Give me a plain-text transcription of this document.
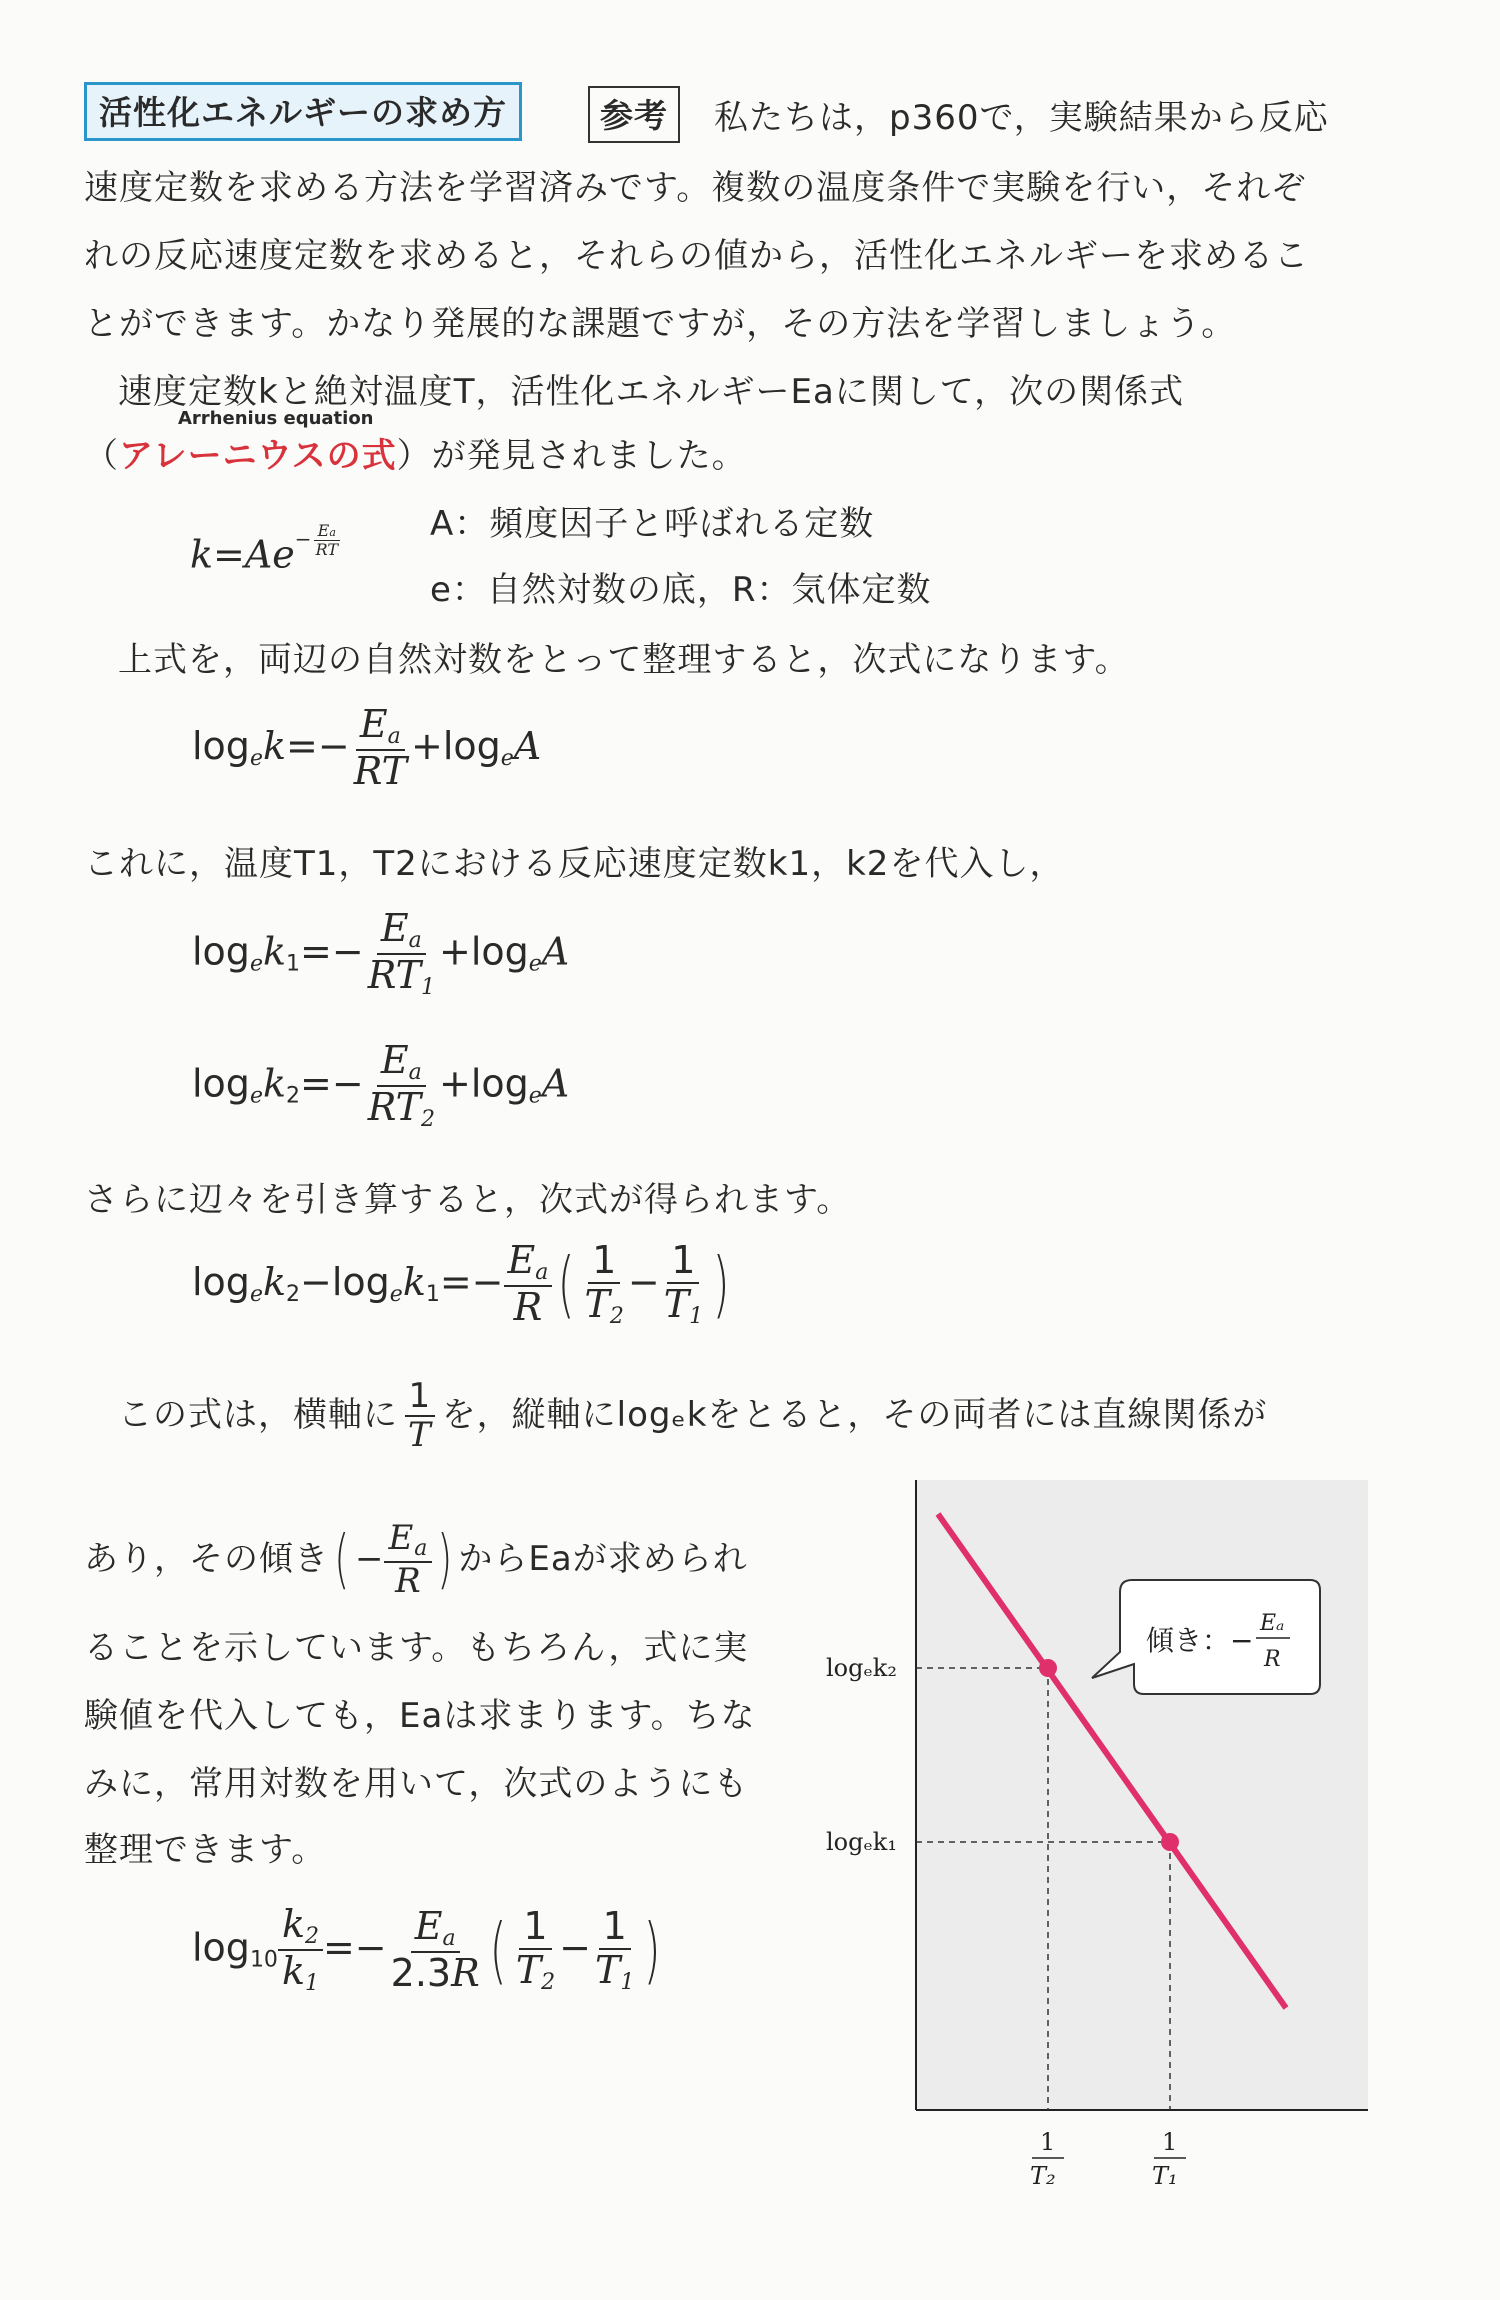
活性化エネルギーの求め方	参考	私たちは，p360で，実験結果から反応
速度定数を求める方法を学習済みです。複数の温度条件で実験を行い，それぞ
れの反応速度定数を求めると，それらの値から，活性化エネルギーを求めるこ
とができます。かなり発展的な課題ですが，その方法を学習しましょう。
速度定数kと絶対温度T，活性化エネルギーEaに関して，次の関係式
Arrhenius equation
（アレーニウスの式）が発見されました。
$k=Ae^{- \frac{Ea}{RT}}$	A：頻度因子と呼ばれる定数
e：自然対数の底，R：気体定数
上式を，両辺の自然対数をとって整理すると，次式になります。
$\log_ek=- \frac{E_a}{RT} +\log_eA$
これに，温度T1，T2における反応速度定数k1，k2を代入し，
$\log_ek_1=- \frac{E_a}{RT_1} +\log_eA$
$\log_ek_2=- \frac{E_a}{RT_2} +\log_eA$
さらに辺々を引き算すると，次式が得られます。
$\log_ek_2-\log_ek_1=- \frac{E_a}{R}$ ( $\frac{1}{T_2} - \frac{1}{T_1}$ )
この式は，横軸に $\frac{1}{T}$ を，縦軸にlogₑkをとると，その両者には直線関係が
あり，その傾き( − $\frac{E_a}{R}$ ) からEaが求められ
ることを示しています。もちろん，式に実
験値を代入しても，Eaは求まります。ちな
みに，常用対数を用いて，次式のようにも
整理できます。
$\log_{10} \frac{k_2}{k_1} =- \frac{E_a}{2.3R}$ ( $\frac{1}{T_2} - \frac{1}{T_1}$ )
傾き：−
Eₐ
R
logₑk₂
logₑk₁
1
T₂
1
T₁
